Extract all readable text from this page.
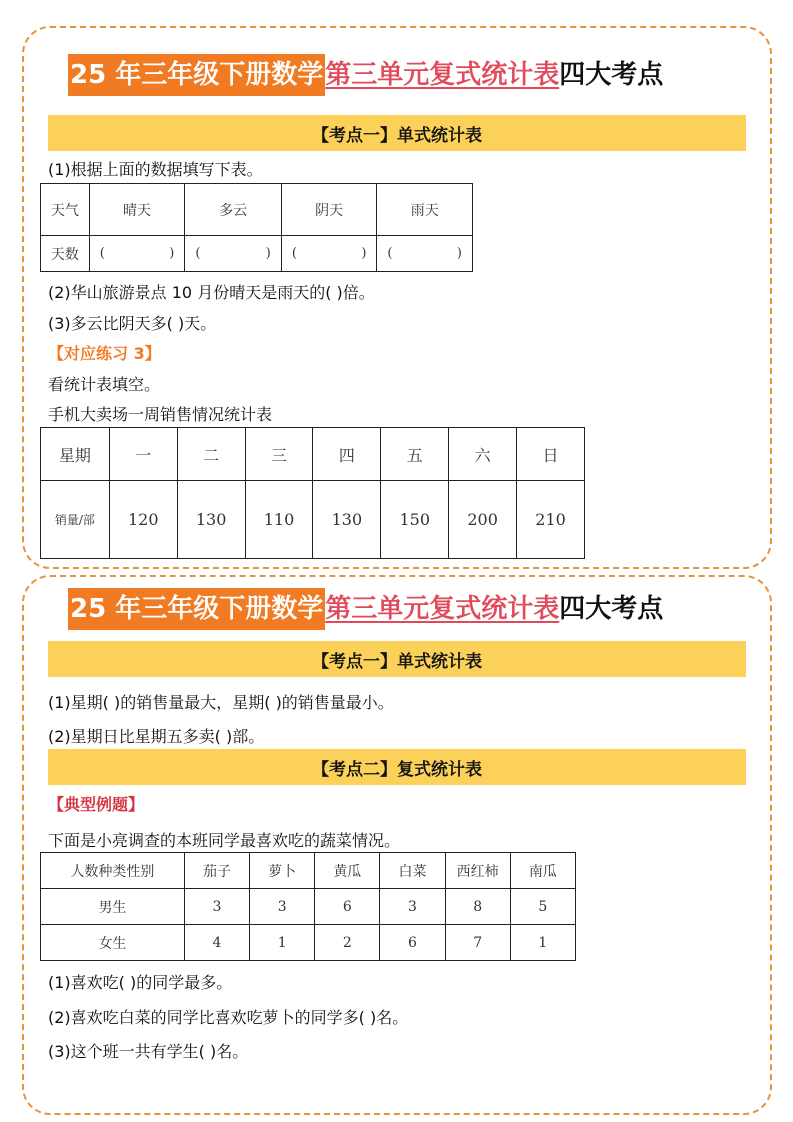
25 年三年级下册数学 第三单元复式统计表 四大考点
【考点一】单式统计表
(1)根据上面的数据填写下表。
天气	晴天	多云	阴天	雨天
天数	( )	( )	( )	( )
(2)华山旅游景点 10 月份晴天是雨天的( )倍。
(3)多云比阴天多( )天。
【对应练习 3】
看统计表填空。
手机大卖场一周销售情况统计表
星期	一	二	三	四	五	六	日
销量/部	120	130	110	130	150	200	210
25 年三年级下册数学 第三单元复式统计表 四大考点
【考点一】单式统计表
(1)星期( )的销售量最大，星期( )的销售量最小。
(2)星期日比星期五多卖( )部。
【考点二】复式统计表
【典型例题】
下面是小亮调查的本班同学最喜欢吃的蔬菜情况。
人数种类性别	茄子	萝卜	黄瓜	白菜	西红柿	南瓜
男生	3	3	6	3	8	5
女生	4	1	2	6	7	1
(1)喜欢吃( )的同学最多。
(2)喜欢吃白菜的同学比喜欢吃萝卜的同学多( )名。
(3)这个班一共有学生( )名。
